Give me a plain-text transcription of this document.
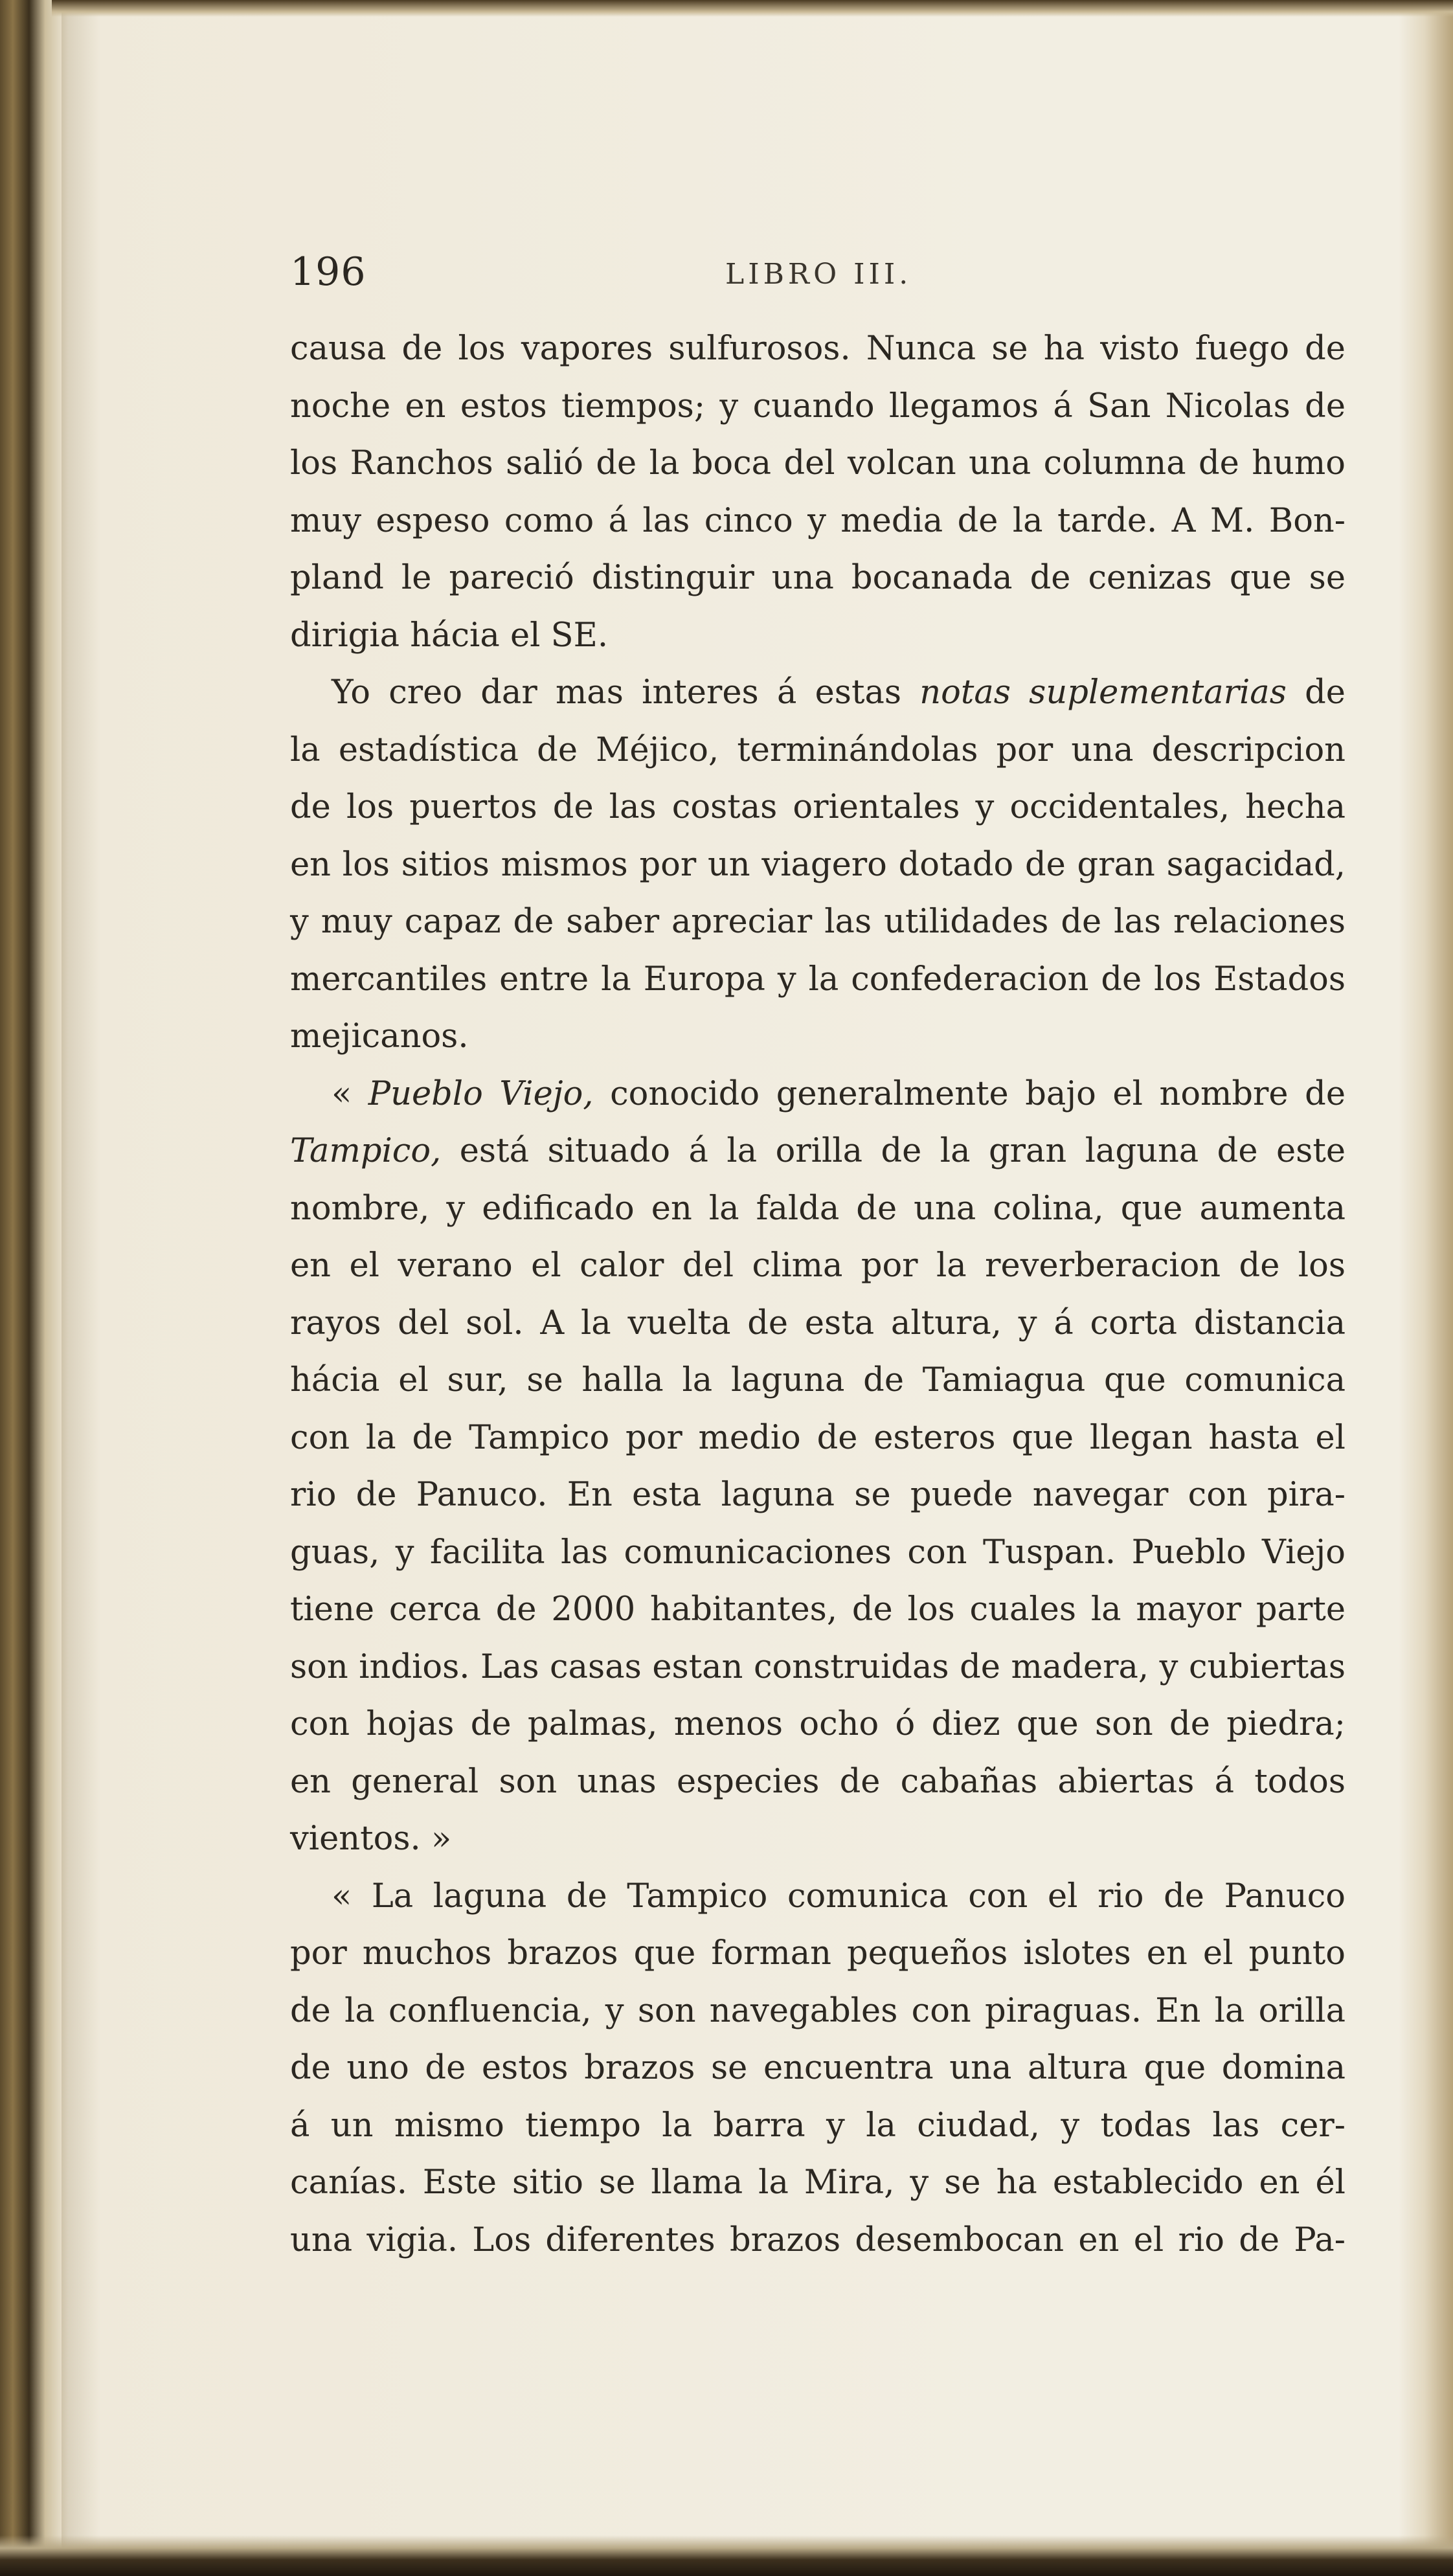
196	LIBRO III.
causa de los vapores sulfurosos. Nunca se ha visto fuego de
noche en estos tiempos; y cuando llegamos á San Nicolas de
los Ranchos salió de la boca del volcan una columna de humo
muy espeso como á las cinco y media de la tarde. A M. Bon-
pland le pareció distinguir una bocanada de cenizas que se
dirigia hácia el SE.
Yo creo dar mas interes á estas notas suplementarias de
la estadística de Méjico, terminándolas por una descripcion
de los puertos de las costas orientales y occidentales, hecha
en los sitios mismos por un viagero dotado de gran sagacidad,
y muy capaz de saber apreciar las utilidades de las relaciones
mercantiles entre la Europa y la confederacion de los Estados
mejicanos.
« Pueblo Viejo, conocido generalmente bajo el nombre de
Tampico, está situado á la orilla de la gran laguna de este
nombre, y edificado en la falda de una colina, que aumenta
en el verano el calor del clima por la reverberacion de los
rayos del sol. A la vuelta de esta altura, y á corta distancia
hácia el sur, se halla la laguna de Tamiagua que comunica
con la de Tampico por medio de esteros que llegan hasta el
rio de Panuco. En esta laguna se puede navegar con pira-
guas, y facilita las comunicaciones con Tuspan. Pueblo Viejo
tiene cerca de 2000 habitantes, de los cuales la mayor parte
son indios. Las casas estan construidas de madera, y cubiertas
con hojas de palmas, menos ocho ó diez que son de piedra;
en general son unas especies de cabañas abiertas á todos
vientos. »
« La laguna de Tampico comunica con el rio de Panuco
por muchos brazos que forman pequeños islotes en el punto
de la confluencia, y son navegables con piraguas. En la orilla
de uno de estos brazos se encuentra una altura que domina
á un mismo tiempo la barra y la ciudad, y todas las cer-
canías. Este sitio se llama la Mira, y se ha establecido en él
una vigia. Los diferentes brazos desembocan en el rio de Pa-
